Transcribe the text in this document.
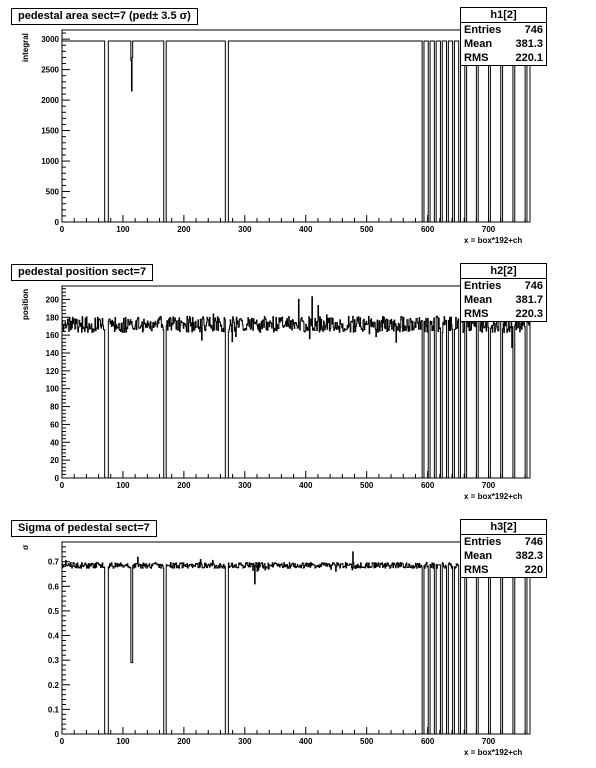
0	100	200	300	400	500	600	700
0
500
1000
1500
2000
2500
3000
pedestal area sect=7 (ped± 3.5 σ)
integral
x = box*192+ch
h1[2]
Entries 746
Mean 381.3
RMS 220.1
0	100	200	300	400	500	600	700
0
20
40
60
80
100
120
140
160
180
200
pedestal position sect=7
position
x = box*192+ch
h2[2]
Entries 746
Mean 381.7
RMS 220.3
0	100	200	300	400	500	600	700
0
0.1
0.2
0.3
0.4
0.5
0.6
0.7
Sigma of pedestal sect=7
σ
x = box*192+ch
h3[2]
Entries 746
Mean 382.3
RMS	220
